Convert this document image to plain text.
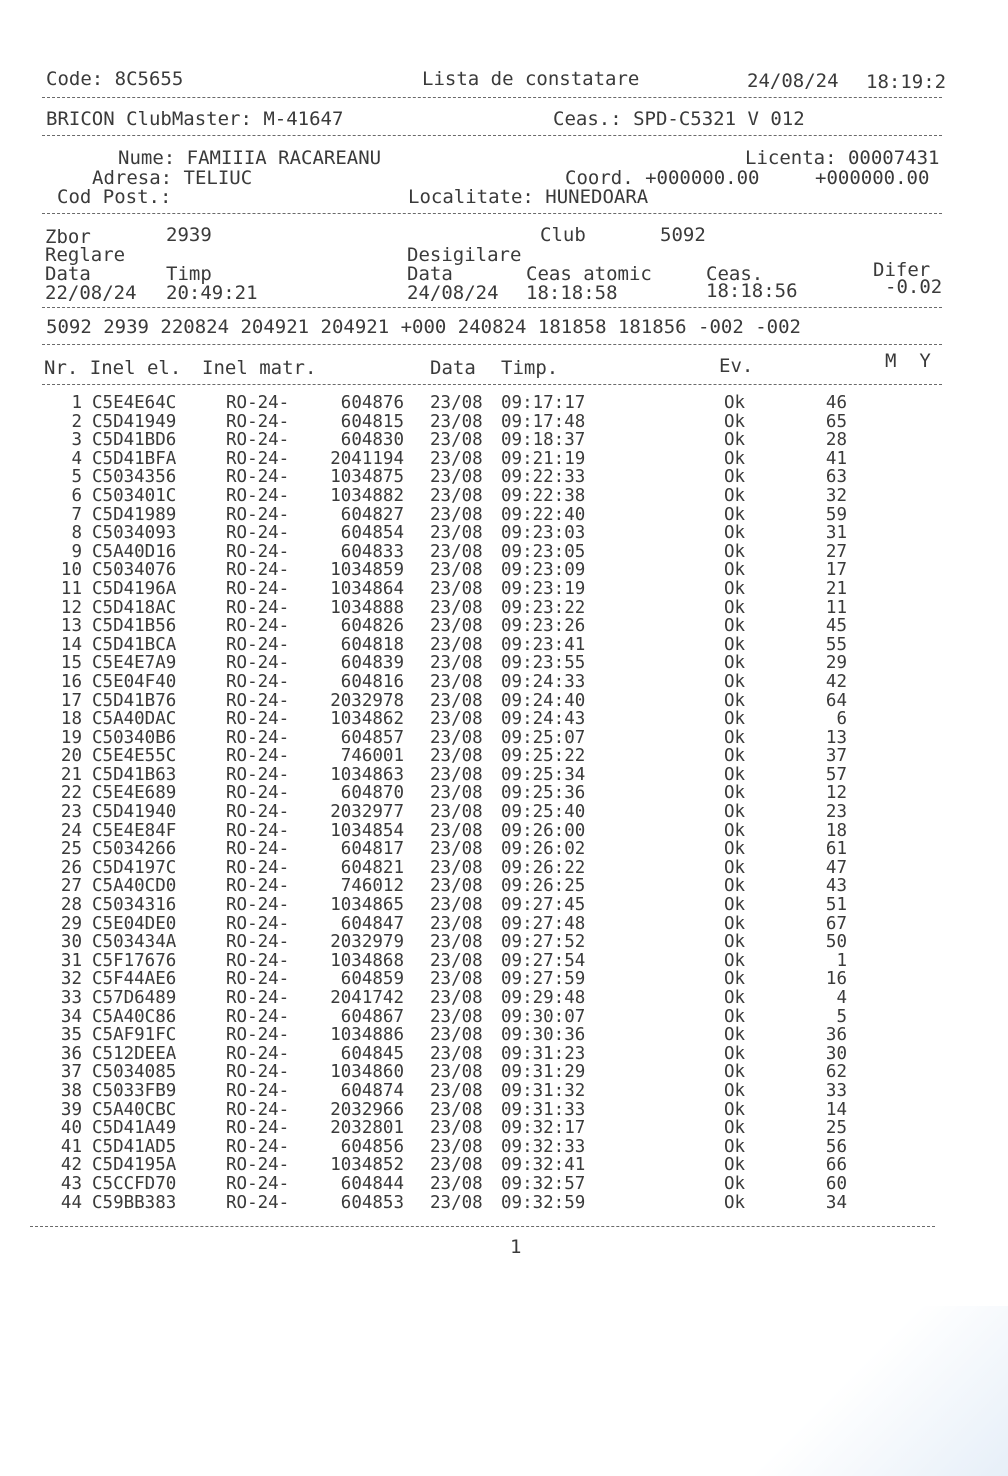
Code: 8C5655	Lista de constatare	24/08/24 18:19:2
BRICON ClubMaster: M-41647	Ceas.: SPD-C5321 V 012
Nume: FAMIIIA RACAREANU	Licenta: 00007431
Adresa: TELIUC	Coord. +000000.00	+000000.00
Cod Post.:	Localitate: HUNEDOARA
Zbor	2939	Club	5092
Reglare	Desigilare
Data	Timp	Data	Ceas atomic	Ceas.	Difer
22/08/24 20:49:21	24/08/24 18:18:58	18:18:56	-0.02
5092 2939 220824 204921 204921 +000 240824 181858 181856 -002 -002
Nr. Inel el. Inel matr.	Data Timp.	Ev.	M  Y
1 C5E4E64C	RO-24-	604876 23/08 09:17:17	Ok	46
2 C5D41949	RO-24-	604815 23/08 09:17:48	Ok	65
3 C5D41BD6	RO-24-	604830 23/08 09:18:37	Ok	28
4 C5D41BFA	RO-24-	2041194 23/08 09:21:19	Ok	41
5 C5034356	RO-24-	1034875 23/08 09:22:33	Ok	63
6 C503401C	RO-24-	1034882 23/08 09:22:38	Ok	32
7 C5D41989	RO-24-	604827 23/08 09:22:40	Ok	59
8 C5034093	RO-24-	604854 23/08 09:23:03	Ok	31
9 C5A40D16	RO-24-	604833 23/08 09:23:05	Ok	27
10 C5034076	RO-24-	1034859 23/08 09:23:09	Ok	17
11 C5D4196A	RO-24-	1034864 23/08 09:23:19	Ok	21
12 C5D418AC	RO-24-	1034888 23/08 09:23:22	Ok	11
13 C5D41B56	RO-24-	604826 23/08 09:23:26	Ok	45
14 C5D41BCA	RO-24-	604818 23/08 09:23:41	Ok	55
15 C5E4E7A9	RO-24-	604839 23/08 09:23:55	Ok	29
16 C5E04F40	RO-24-	604816 23/08 09:24:33	Ok	42
17 C5D41B76	RO-24-	2032978 23/08 09:24:40	Ok	64
18 C5A40DAC	RO-24-	1034862 23/08 09:24:43	Ok	6
19 C50340B6	RO-24-	604857 23/08 09:25:07	Ok	13
20 C5E4E55C	RO-24-	746001 23/08 09:25:22	Ok	37
21 C5D41B63	RO-24-	1034863 23/08 09:25:34	Ok	57
22 C5E4E689	RO-24-	604870 23/08 09:25:36	Ok	12
23 C5D41940	RO-24-	2032977 23/08 09:25:40	Ok	23
24 C5E4E84F	RO-24-	1034854 23/08 09:26:00	Ok	18
25 C5034266	RO-24-	604817 23/08 09:26:02	Ok	61
26 C5D4197C	RO-24-	604821 23/08 09:26:22	Ok	47
27 C5A40CD0	RO-24-	746012 23/08 09:26:25	Ok	43
28 C5034316	RO-24-	1034865 23/08 09:27:45	Ok	51
29 C5E04DE0	RO-24-	604847 23/08 09:27:48	Ok	67
30 C503434A	RO-24-	2032979 23/08 09:27:52	Ok	50
31 C5F17676	RO-24-	1034868 23/08 09:27:54	Ok	1
32 C5F44AE6	RO-24-	604859 23/08 09:27:59	Ok	16
33 C57D6489	RO-24-	2041742 23/08 09:29:48	Ok	4
34 C5A40C86	RO-24-	604867 23/08 09:30:07	Ok	5
35 C5AF91FC	RO-24-	1034886 23/08 09:30:36	Ok	36
36 C512DEEA	RO-24-	604845 23/08 09:31:23	Ok	30
37 C5034085	RO-24-	1034860 23/08 09:31:29	Ok	62
38 C5033FB9	RO-24-	604874 23/08 09:31:32	Ok	33
39 C5A40CBC	RO-24-	2032966 23/08 09:31:33	Ok	14
40 C5D41A49	RO-24-	2032801 23/08 09:32:17	Ok	25
41 C5D41AD5	RO-24-	604856 23/08 09:32:33	Ok	56
42 C5D4195A	RO-24-	1034852 23/08 09:32:41	Ok	66
43 C5CCFD70	RO-24-	604844 23/08 09:32:57	Ok	60
44 C59BB383	RO-24-	604853 23/08 09:32:59	Ok	34
1
